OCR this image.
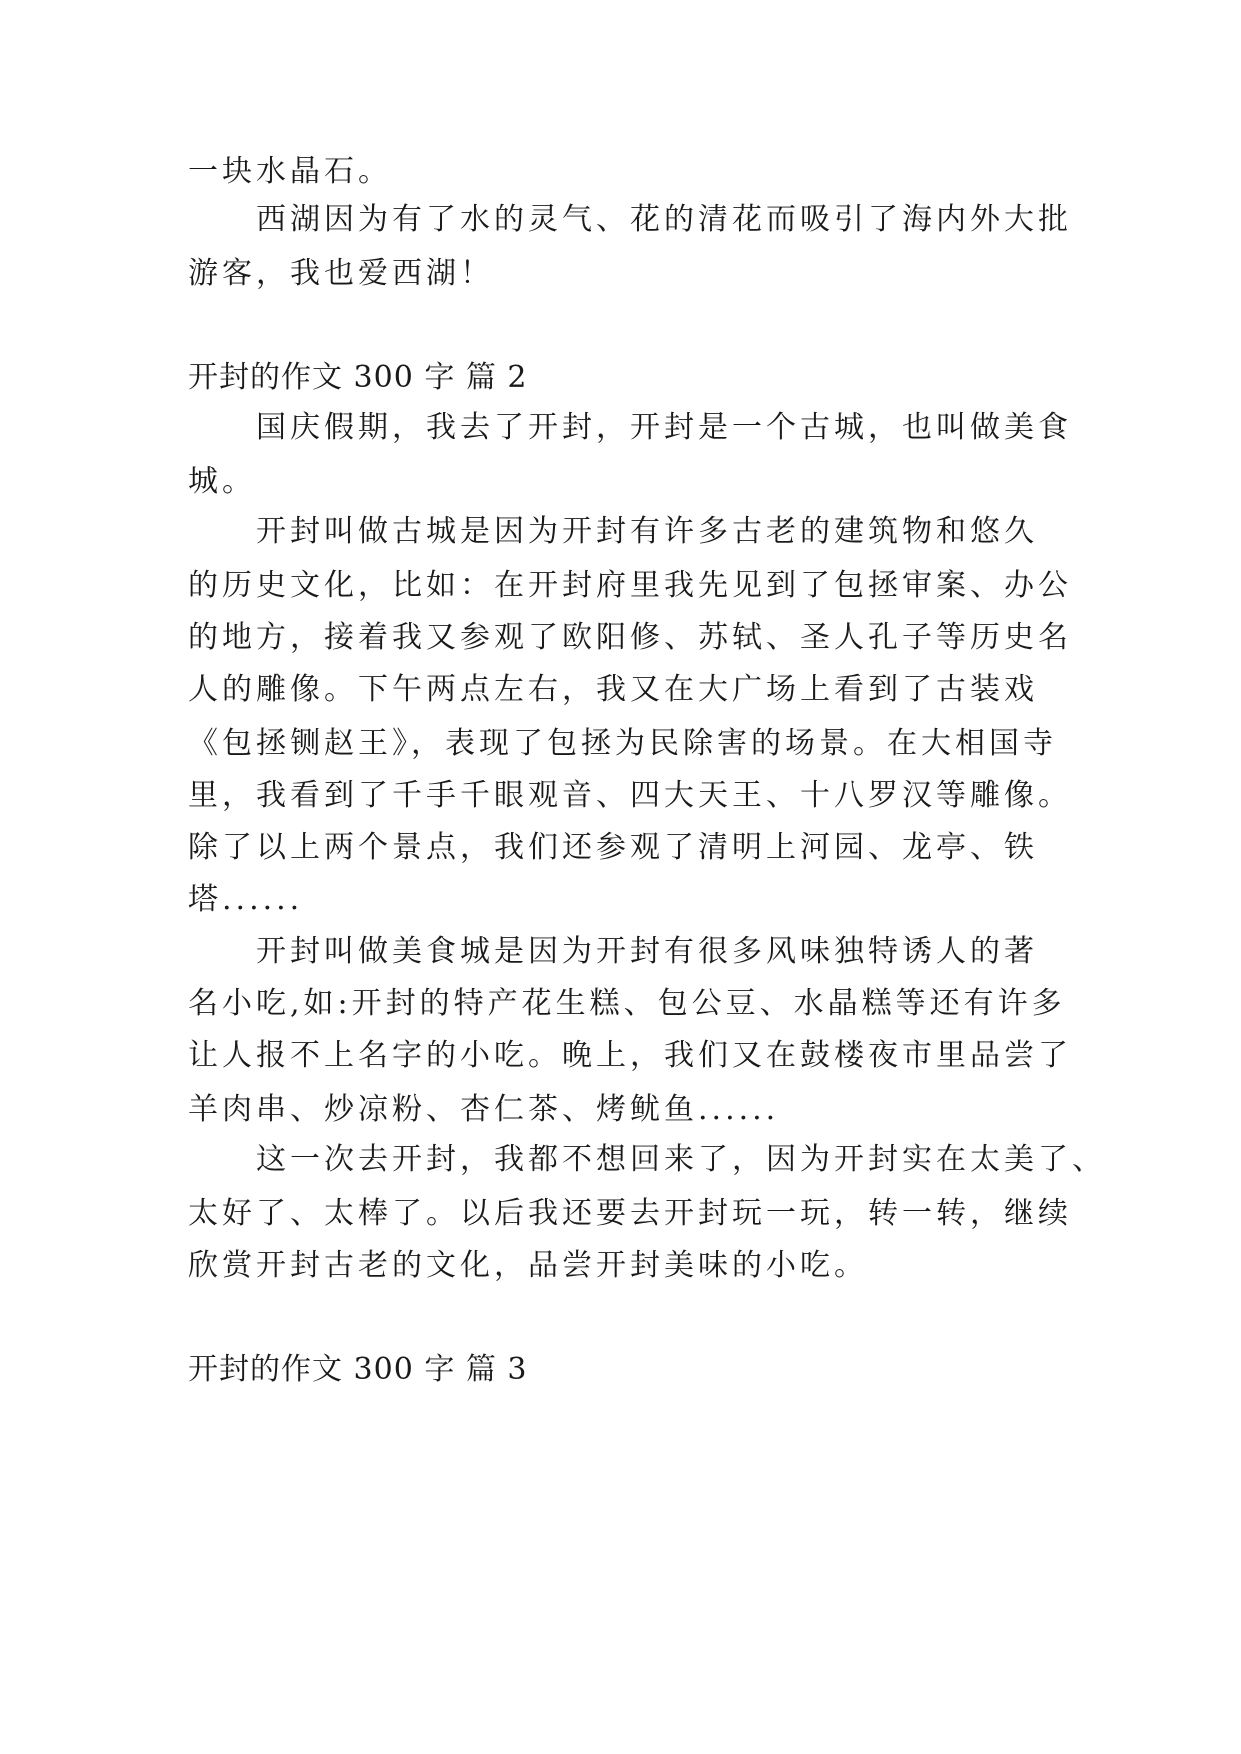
一块水晶石。
西湖因为有了水的灵气、花的清花而吸引了海内外大批
游客，我也爱西湖！
开封的作文 300 字 篇 2
国庆假期，我去了开封，开封是一个古城，也叫做美食
城。
开封叫做古城是因为开封有许多古老的建筑物和悠久
的历史文化，比如：在开封府里我先见到了包拯审案、办公
的地方，接着我又参观了欧阳修、苏轼、圣人孔子等历史名
人的雕像。下午两点左右，我又在大广场上看到了古装戏
《包拯铡赵王》，表现了包拯为民除害的场景。在大相国寺
里，我看到了千手千眼观音、四大天王、十八罗汉等雕像。
除了以上两个景点，我们还参观了清明上河园、龙亭、铁
塔......
开封叫做美食城是因为开封有很多风味独特诱人的著
名小吃,如:开封的特产花生糕、包公豆、水晶糕等还有许多
让人报不上名字的小吃。晚上，我们又在鼓楼夜市里品尝了
羊肉串、炒凉粉、杏仁茶、烤鱿鱼......
这一次去开封，我都不想回来了，因为开封实在太美了、
太好了、太棒了。以后我还要去开封玩一玩，转一转，继续
欣赏开封古老的文化，品尝开封美味的小吃。
开封的作文 300 字 篇 3
